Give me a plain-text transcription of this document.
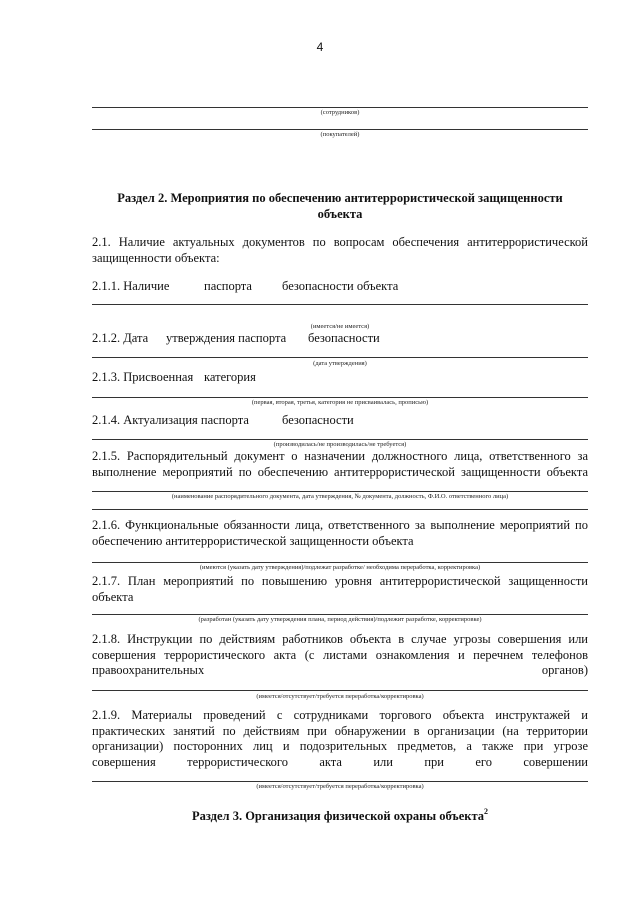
4
(сотрудников)
(покупателей)
Раздел 2. Мероприятия по обеспечению антитеррористической защищенности
объекта
2.1. Наличие актуальных документов по вопросам обеспечения антитеррористической защищенности объекта:
2.1.1. Наличие	паспорта безопасности объекта
(имеется/не имеется)
2.1.2. Дата утверждения паспорта безопасности
(дата утверждения)
2.1.3. Присвоенная категория
(первая, вторая, третья, категория не присваивалась, прописью)
2.1.4. Актуализация паспорта	безопасности
(производилась/не производилась/не требуется)
2.1.5. Распорядительный документ о назначении должностного лица, ответственного за выполнение мероприятий по обеспечению антитеррористической защищенности объекта
(наименование распорядительного документа, дата утверждения, № документа, должность, Ф.И.О. ответственного лица)
2.1.6. Функциональные обязанности лица, ответственного за выполнение мероприятий по обеспечению антитеррористической защищенности объекта
(имеются (указать дату утверждения)/подлежат разработке/ необходима переработка, корректировка)
2.1.7. План мероприятий по повышению уровня антитеррористической защищенности объекта
(разработан (указать дату утверждения плана, период действия)/подлежит разработке, корректировке)
2.1.8. Инструкции по действиям работников объекта в случае угрозы совершения или совершения террористического акта (с листами ознакомления и перечнем телефонов правоохранительных органов)
(имеется/отсутствует/требуется переработка/корректировка)
2.1.9. Материалы проведений с сотрудниками торгового объекта инструктажей и практических занятий по действиям при обнаружении в организации (на территории организации) посторонних лиц и подозрительных предметов, а также при угрозе совершения террористического акта или при его совершении
(имеется/отсутствует/требуется переработка/корректировка)
Раздел 3. Организация физической охраны объекта$^2$
